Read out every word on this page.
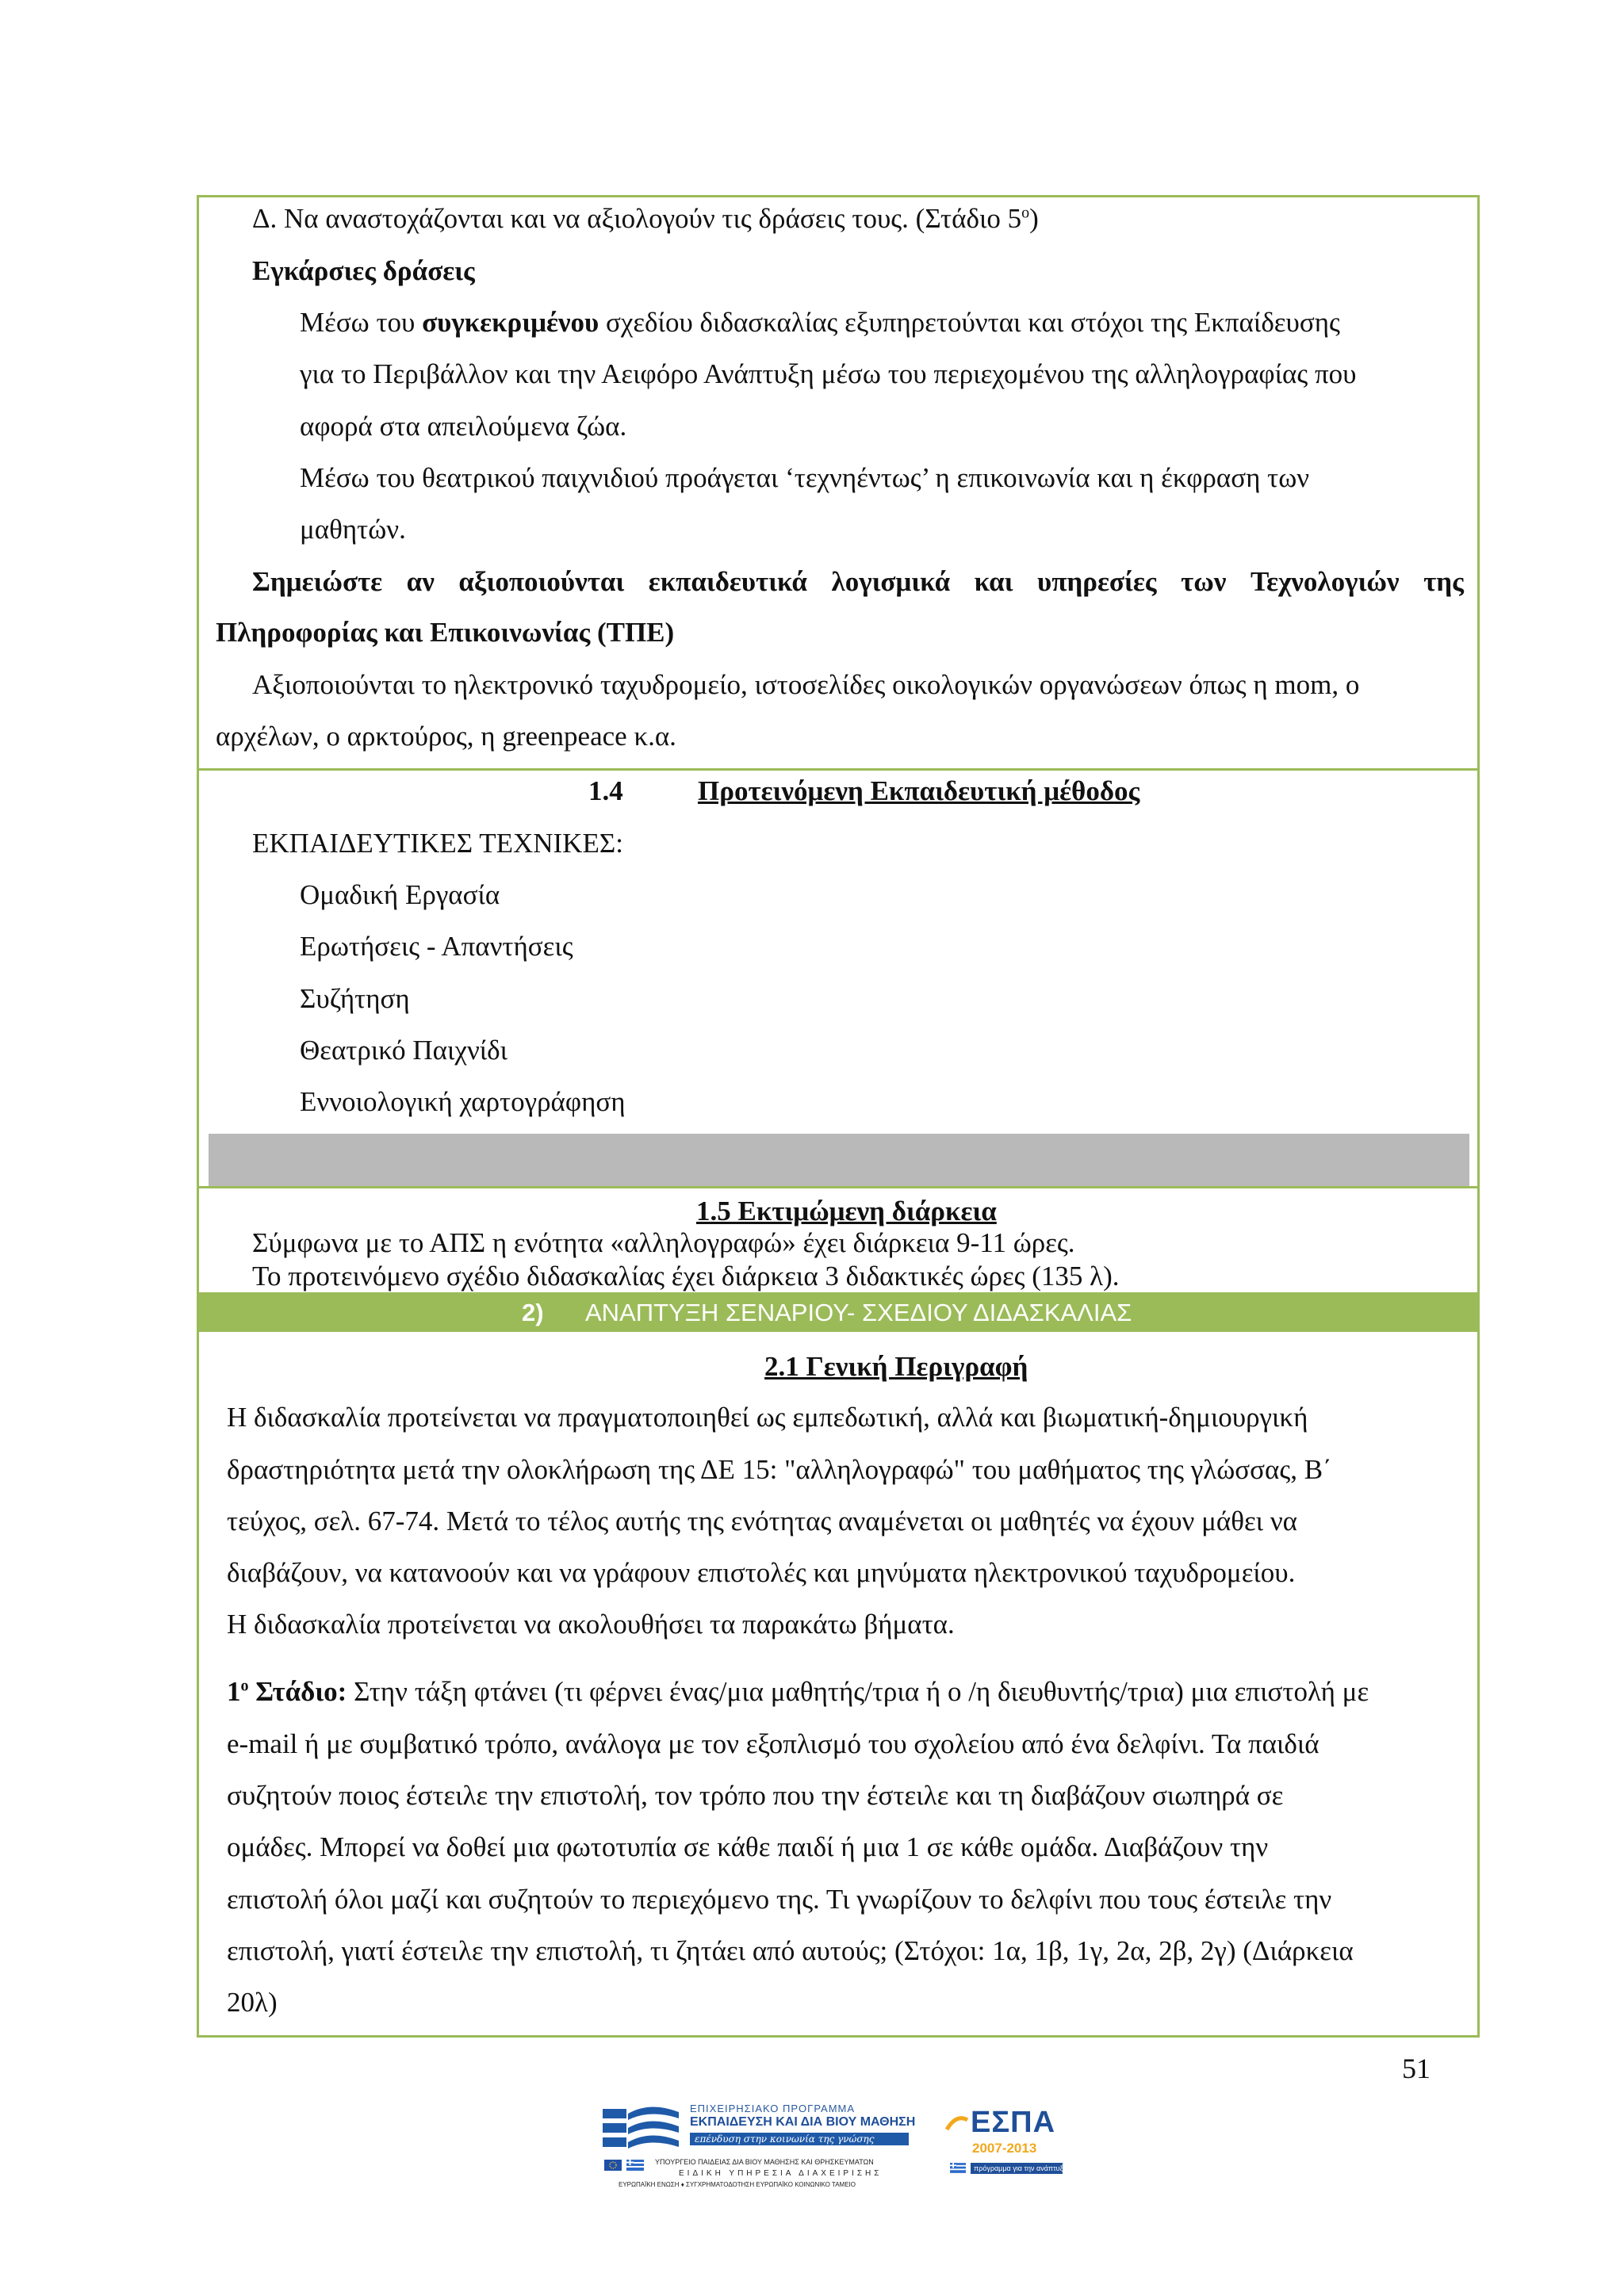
Δ. Να αναστοχάζονται και να αξιολογούν τις δράσεις τους. (Στάδιο $5^o$)
Εγκάρσιες δράσεις
Μέσω του συγκεκριμένου σχεδίου διδασκαλίας εξυπηρετούνται και στόχοι της Εκπαίδευσης
για το Περιβάλλον και την Αειφόρο Ανάπτυξη μέσω του περιεχομένου της αλληλογραφίας που
αφορά στα απειλούμενα ζώα.
Μέσω του θεατρικού παιχνιδιού προάγεται ‘τεχνηέντως’ η επικοινωνία και η έκφραση των
μαθητών.
Σημειώστε αν αξιοποιούνται εκπαιδευτικά λογισμικά και υπηρεσίες των Τεχνολογιών της
Πληροφορίας και Επικοινωνίας (ΤΠΕ)
Αξιοποιούνται το ηλεκτρονικό ταχυδρομείο, ιστοσελίδες οικολογικών οργανώσεων όπως η mom, ο
αρχέλων, ο αρκτούρος, η greenpeace κ.α.
1.4	Προτεινόμενη Εκπαιδευτική μέθοδος
ΕΚΠΑΙΔΕΥΤΙΚΕΣ ΤΕΧΝΙΚΕΣ:
Ομαδική Εργασία
Ερωτήσεις - Απαντήσεις
Συζήτηση
Θεατρικό Παιχνίδι
Εννοιολογική χαρτογράφηση
1.5 Εκτιμώμενη διάρκεια
Σύμφωνα με το ΑΠΣ η ενότητα «αλληλογραφώ» έχει διάρκεια 9-11 ώρες.
Το προτεινόμενο σχέδιο διδασκαλίας έχει διάρκεια 3 διδακτικές ώρες (135 λ).
2) ΑΝΑΠΤΥΞΗ ΣΕΝΑΡΙΟΥ- ΣΧΕΔΙΟΥ ΔΙΔΑΣΚΑΛΙΑΣ
2.1 Γενική Περιγραφή
Η διδασκαλία προτείνεται να πραγματοποιηθεί ως εμπεδωτική, αλλά και βιωματική-δημιουργική
δραστηριότητα μετά την ολοκλήρωση της ΔΕ 15: "αλληλογραφώ" του μαθήματος της γλώσσας, Β΄
τεύχος, σελ. 67-74. Μετά το τέλος αυτής της ενότητας αναμένεται οι μαθητές να έχουν μάθει να
διαβάζουν, να κατανοούν και να γράφουν επιστολές και μηνύματα ηλεκτρονικού ταχυδρομείου.
Η διδασκαλία προτείνεται να ακολουθήσει τα παρακάτω βήματα.
$1^o$ Στάδιο: Στην τάξη φτάνει (τι φέρνει ένας/μια μαθητής/τρια ή ο /η διευθυντής/τρια) μια επιστολή με
e-mail ή με συμβατικό τρόπο, ανάλογα με τον εξοπλισμό του σχολείου από ένα δελφίνι. Τα παιδιά
συζητούν ποιος έστειλε την επιστολή, τον τρόπο που την έστειλε και τη διαβάζουν σιωπηρά σε
ομάδες. Μπορεί να δοθεί μια φωτοτυπία σε κάθε παιδί ή μια 1 σε κάθε ομάδα. Διαβάζουν την
επιστολή όλοι μαζί και συζητούν το περιεχόμενο της. Τι γνωρίζουν το δελφίνι που τους έστειλε την
επιστολή, γιατί έστειλε την επιστολή, τι ζητάει από αυτούς; (Στόχοι: 1α, 1β, 1γ, 2α, 2β, 2γ) (Διάρκεια
20λ)
51
ΕΠΙΧΕΙΡΗΣΙΑΚΟ ΠΡΟΓΡΑΜΜΑ
ΕΚΠΑΙΔΕΥΣΗ ΚΑΙ ΔΙΑ ΒΙΟΥ ΜΑΘΗΣΗ
επένδυση στην κοινωνία της γνώσης
ΥΠΟΥΡΓΕΙΟ ΠΑΙΔΕΙΑΣ ΔΙΑ ΒΙΟΥ ΜΑΘΗΣΗΣ ΚΑΙ ΘΡΗΣΚΕΥΜΑΤΩΝ
ΕΙΔΙΚΗ ΥΠΗΡΕΣΙΑ ΔΙΑΧΕΙΡΙΣΗΣ
ΕΥΡΩΠΑΪΚΗ ΕΝΩΣΗ ♦ ΣΥΓΧΡΗΜΑΤΟΔΟΤΗΣΗ ΕΥΡΩΠΑΪΚΟ ΚΟΙΝΩΝΙΚΟ ΤΑΜΕΙΟ
ΕΣΠΑ
2007-2013
πρόγραμμα για την ανάπτυξη
